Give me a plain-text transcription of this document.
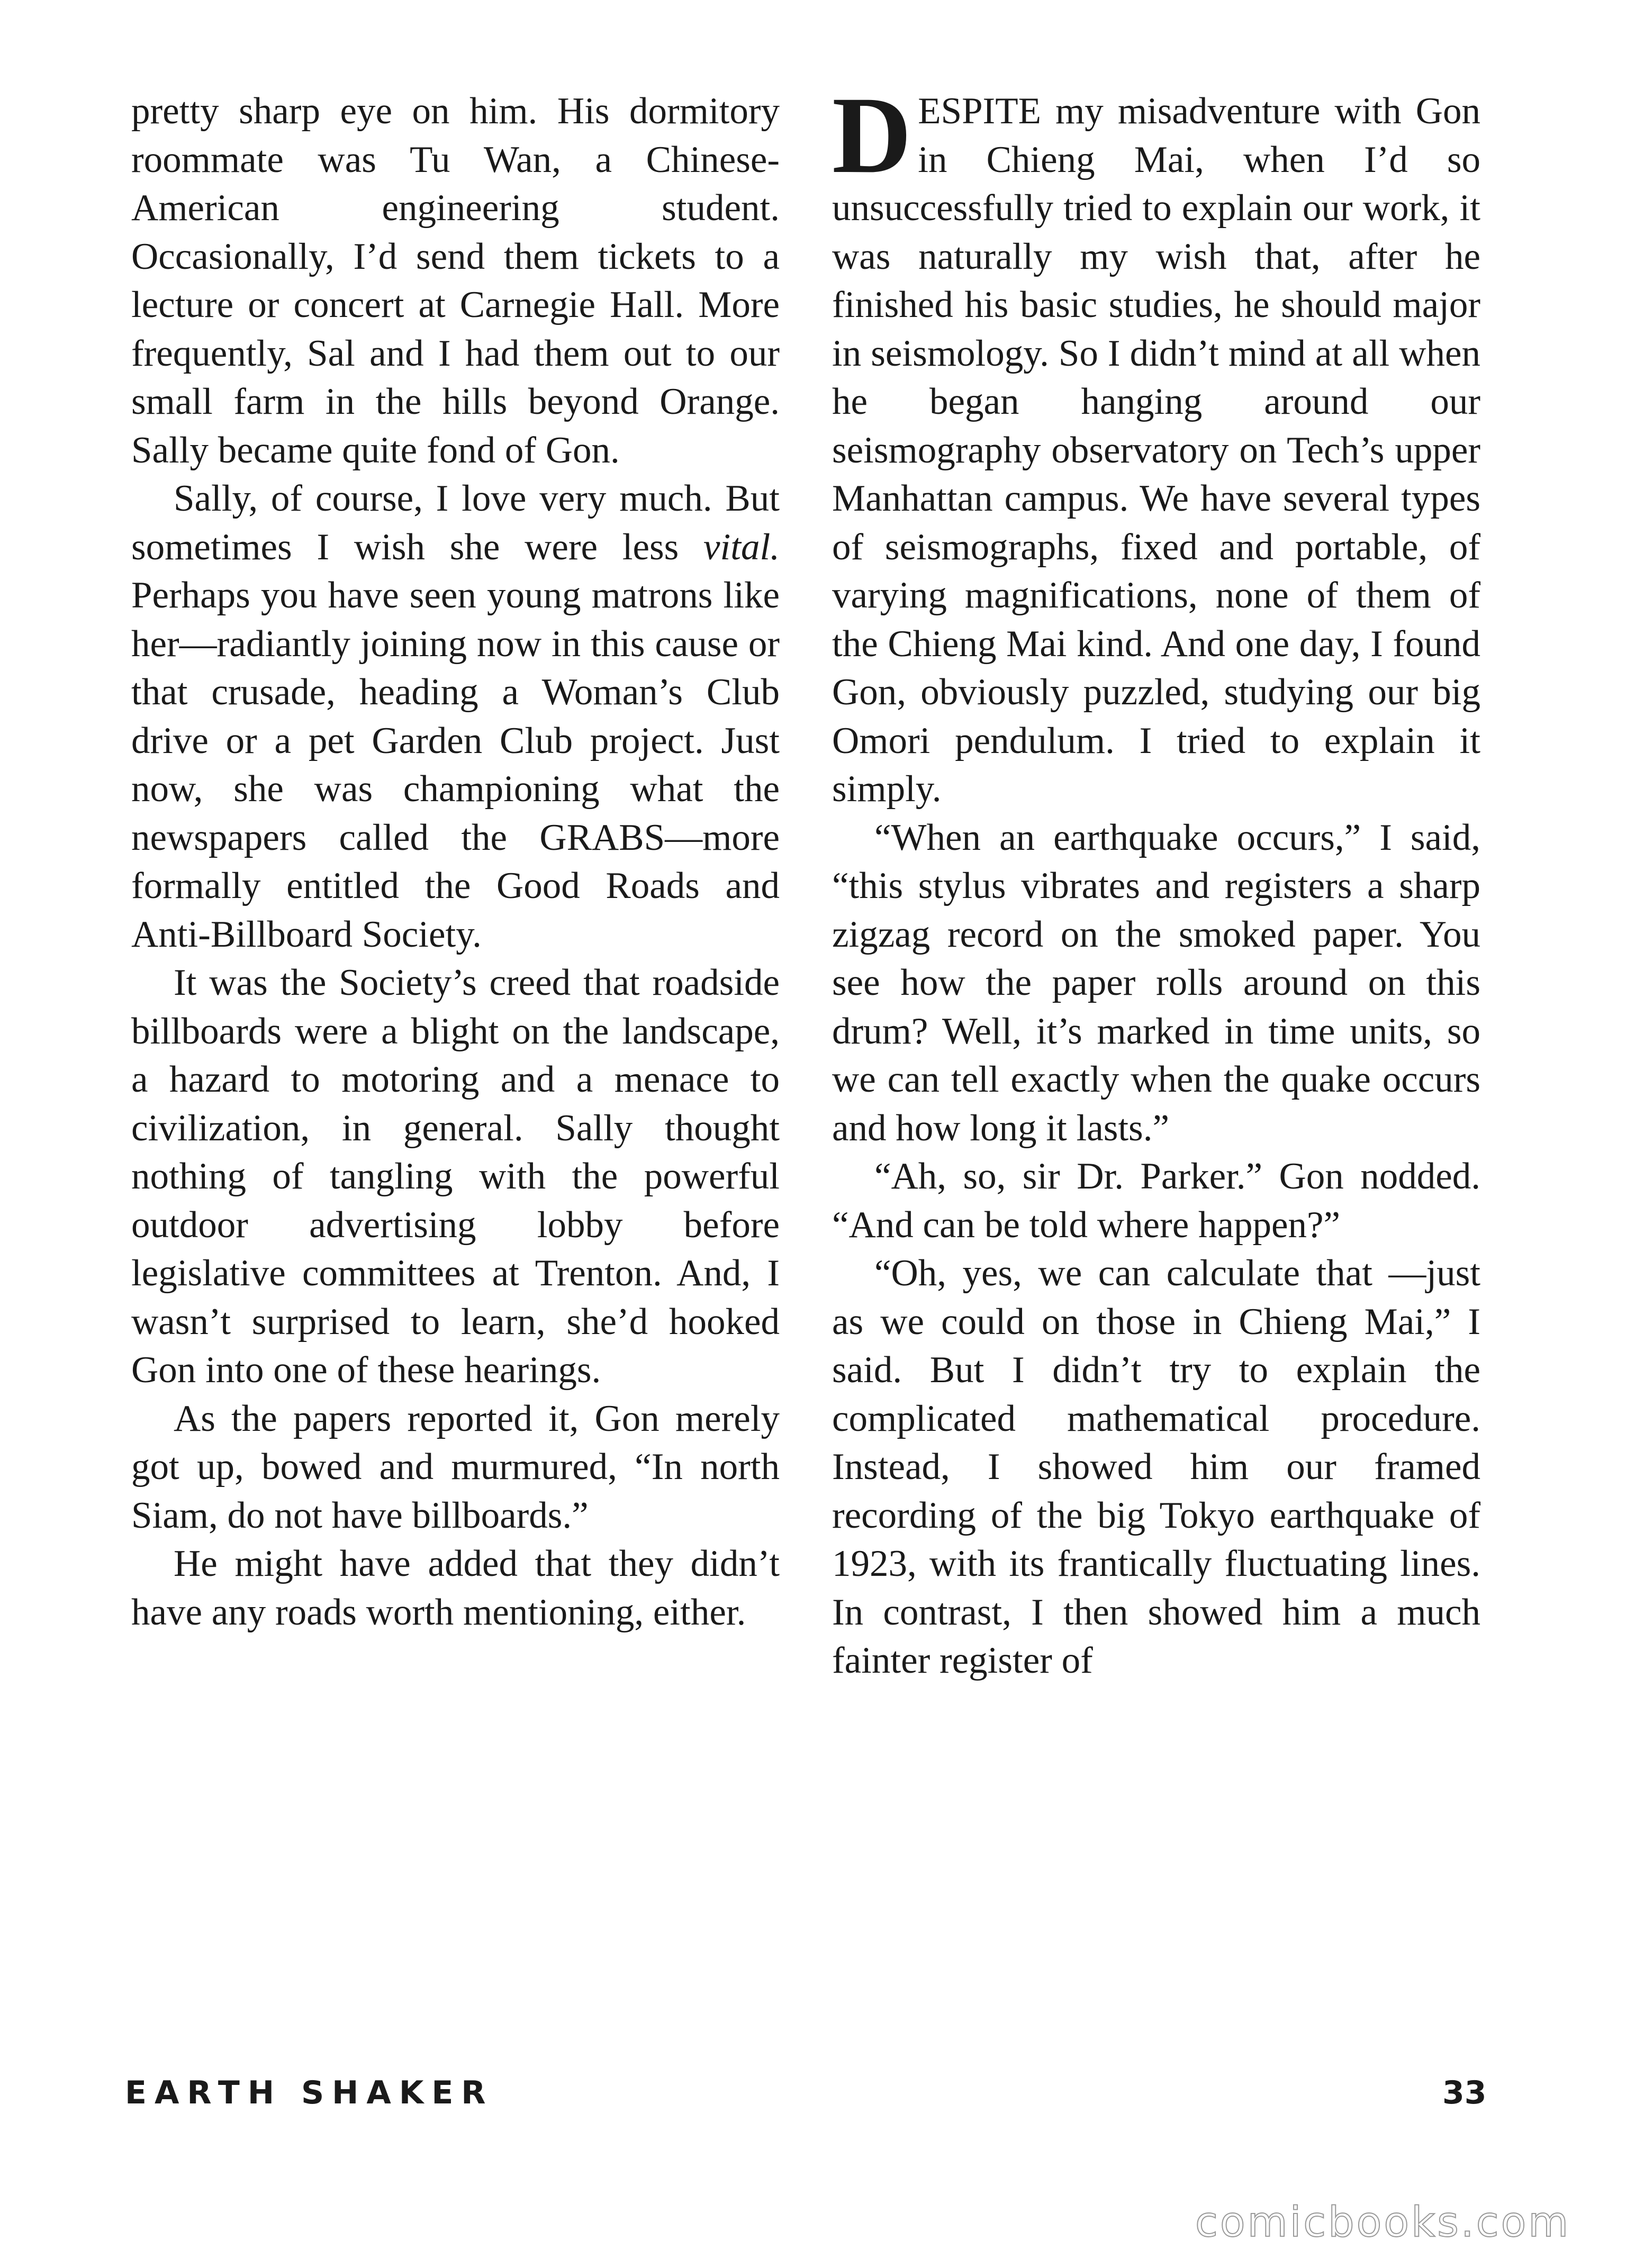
pretty sharp eye on him. His dormitory roommate was Tu Wan, a Chinese-American engineering student. Occasionally, I’d send them tickets to a lecture or concert at Carnegie Hall. More frequently, Sal and I had them out to our small farm in the hills beyond Orange. Sally became quite fond of Gon.

Sally, of course, I love very much. But sometimes I wish she were less vital. Perhaps you have seen young matrons like her—radiantly joining now in this cause or that crusade, heading a Woman’s Club drive or a pet Garden Club project. Just now, she was championing what the newspapers called the GRABS—more formally entitled the Good Roads and Anti-Billboard Society.

It was the Society’s creed that roadside billboards were a blight on the landscape, a hazard to motoring and a menace to civilization, in general. Sally thought nothing of tangling with the powerful outdoor advertising lobby before legislative committees at Trenton. And, I wasn’t surprised to learn, she’d hooked Gon into one of these hearings.

As the papers reported it, Gon merely got up, bowed and murmured, “In north Siam, do not have billboards.”

He might have added that they didn’t have any roads worth mentioning, either.

DESPITE my misadventure with Gon in Chieng Mai, when I’d so unsuccessfully tried to explain our work, it was naturally my wish that, after he finished his basic studies, he should major in seismology. So I didn’t mind at all when he began hanging around our seismography observatory on Tech’s upper Manhattan campus. We have several types of seismographs, fixed and portable, of varying magnifications, none of them of the Chieng Mai kind. And one day, I found Gon, obviously puzzled, studying our big Omori pendulum. I tried to explain it simply.

“When an earthquake occurs,” I said, “this stylus vibrates and registers a sharp zigzag record on the smoked paper. You see how the paper rolls around on this drum? Well, it’s marked in time units, so we can tell exactly when the quake occurs and how long it lasts.”

“Ah, so, sir Dr. Parker.” Gon nodded. “And can be told where happen?”

“Oh, yes, we can calculate that —just as we could on those in Chieng Mai,” I said. But I didn’t try to explain the complicated mathematical procedure. Instead, I showed him our framed recording of the big Tokyo earthquake of 1923, with its frantically fluctuating lines. In contrast, I then showed him a much fainter register of

EARTH SHAKER	33
comicbooks.com
